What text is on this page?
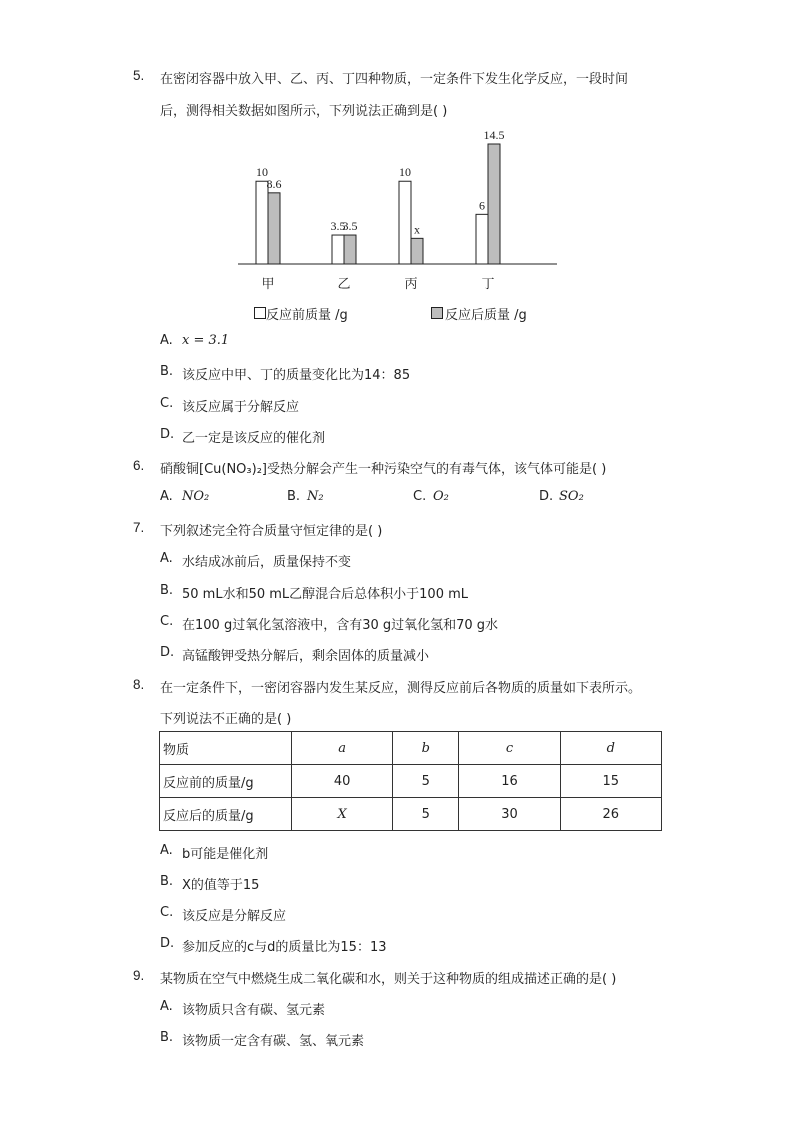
5. 在密闭容器中放入甲、乙、丙、丁四种物质，一定条件下发生化学反应，一段时间
后，测得相关数据如图所示，下列说法正确到是( )
10
8.6
甲
3.5
3.5
乙
10
x
丙
6
14.5
丁
反应前质量 /g	反应后质量 /g
A. x = 3.1
B. 该反应中甲、丁的质量变化比为14：85
C. 该反应属于分解反应
D. 乙一定是该反应的催化剂
6. 硝酸铜[Cu(NO₃)₂]受热分解会产生一种污染空气的有毒气体，该气体可能是( )
A. NO₂	B. N₂	C. O₂	D. SO₂
7. 下列叙述完全符合质量守恒定律的是( )
A. 水结成冰前后，质量保持不变
B. 50 mL水和50 mL乙醇混合后总体积小于100 mL
C. 在100 g过氧化氢溶液中，含有30 g过氧化氢和70 g水
D. 高锰酸钾受热分解后，剩余固体的质量减小
8. 在一定条件下，一密闭容器内发生某反应，测得反应前后各物质的质量如下表所示。
下列说法不正确的是( )
物质	a	b	c	d
反应前的质量/g	40	5	16	15
反应后的质量/g	X	5	30	26
A. b可能是催化剂
B. X的值等于15
C. 该反应是分解反应
D. 参加反应的c与d的质量比为15：13
9. 某物质在空气中燃烧生成二氧化碳和水，则关于这种物质的组成描述正确的是( )
A. 该物质只含有碳、氢元素
B. 该物质一定含有碳、氢、氧元素
